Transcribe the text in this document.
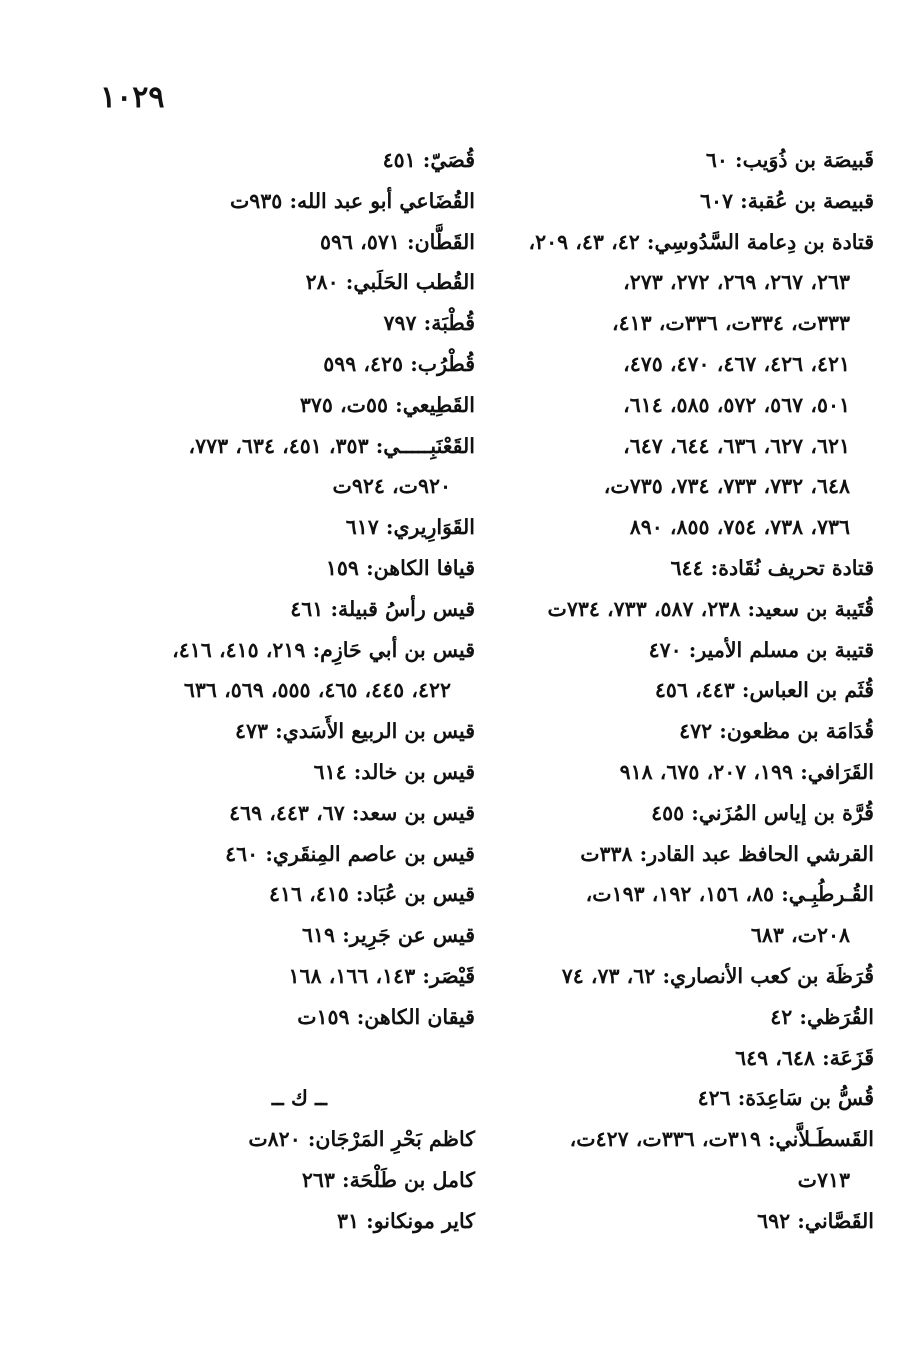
١٠٢٩
قَبيصَة بن ذُوَيب: ٦٠
قبيصة بن عُقبة: ٦٠٧
قتادة بن دِعامة السَّدُوسِي: ٤٢، ٤٣، ٢٠٩،
٢٦٣، ٢٦٧، ٢٦٩، ٢٧٢، ٢٧٣،
٣٣٣ت، ٣٣٤ت، ٣٣٦ت، ٤١٣،
٤٢١، ٤٢٦، ٤٦٧، ٤٧٠، ٤٧٥،
٥٠١، ٥٦٧، ٥٧٢، ٥٨٥، ٦١٤،
٦٢١، ٦٢٧، ٦٣٦، ٦٤٤، ٦٤٧،
٦٤٨، ٧٣٢، ٧٣٣، ٧٣٤، ٧٣٥ت،
٧٣٦، ٧٣٨، ٧٥٤، ٨٥٥، ٨٩٠
قتادة تحريف نُقَادة: ٦٤٤
قُتَيبة بن سعيد: ٢٣٨، ٥٨٧، ٧٣٣، ٧٣٤ت
قتيبة بن مسلم الأمير: ٤٧٠
قُثَم بن العباس: ٤٤٣، ٤٥٦
قُدَامَة بن مظعون: ٤٧٢
القَرَافي: ١٩٩، ٢٠٧، ٦٧٥، ٩١٨
قُرَّة بن إياس المُزَني: ٤٥٥
القرشي الحافظ عبد القادر: ٣٣٨ت
القُـرطُبِـي: ٨٥، ١٥٦، ١٩٢، ١٩٣ت،
٢٠٨ت، ٦٨٣
قُرَظَة بن كعب الأنصاري: ٦٢، ٧٣، ٧٤
القُرَظي: ٤٢
قَزَعَة: ٦٤٨، ٦٤٩
قُسُّ بن سَاعِدَة: ٤٢٦
القَسطَـلاَّني: ٣١٩ت، ٣٣٦ت، ٤٢٧ت،
٧١٣ت
القَصَّاني: ٦٩٢
قُصَيّ: ٤٥١
القُضَاعي أبو عبد الله: ٩٣٥ت
القَطَّان: ٥٧١، ٥٩٦
القُطب الحَلَبي: ٢٨٠
قُطْبَة: ٧٩٧
قُطْرُب: ٤٢٥، ٥٩٩
القَطِيعي: ٥٥ت، ٣٧٥
القَعْنَبِـــــي: ٣٥٣، ٤٥١، ٦٣٤، ٧٧٣،
٩٢٠ت، ٩٢٤ت
القَوَارِيري: ٦١٧
قيافا الكاهن: ١٥٩
قيس رأسُ قبيلة: ٤٦١
قيس بن أبي حَازِم: ٢١٩، ٤١٥، ٤١٦،
٤٢٢، ٤٤٥، ٤٦٥، ٥٥٥، ٥٦٩، ٦٣٦
قيس بن الربيع الأَسَدي: ٤٧٣
قيس بن خالد: ٦١٤
قيس بن سعد: ٦٧، ٤٤٣، ٤٦٩
قيس بن عاصم المِنقَري: ٤٦٠
قيس بن عُبَاد: ٤١٥، ٤١٦
قيس عن جَرِير: ٦١٩
قَيْصَر: ١٤٣، ١٦٦، ١٦٨
قيقان الكاهن: ١٥٩ت
ــ ك ــ
كاظم بَحْرِ المَرْجَان: ٨٢٠ت
كامل بن طَلْحَة: ٢٦٣
كاير مونكانو: ٣١
